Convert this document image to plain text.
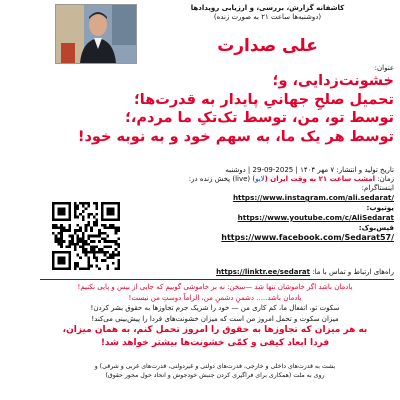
کاشفانه گزارش، بررسی، و ارزیابی رویدادها
(دوشنبه‌ها ساعت ۲۱ به صورت زنده)
علی صدارت
عنوان:
خشونت‌زدایی، و؛
تحمیل صلحِ جهانیِ پایدار به قدرت‌ها؛
توسط تو، من، توسط تک‌تکِ ما مردم،؛
توسط هر یک ما، به سهم خود و به نوبه خود!
تاریخ تولید و انتشار: ۷ مهر ۱۴۰۴ | 2025-09-29 | دوشنبه
زمان: امشب ساعت ۲۱ به وقت ایران (لایو) (live) پخش زنده در:
اینستاگرام:
https://www.instagram.com/ali.sedarat/
یوتیوب:
https://www.youtube.com/c/AliSedarat
فیس‌بوک:
https://www.facebook.com/Sedarat57/
راه‌های ارتباط و تماس با ما: https://linktr.ee/sedarat
یادمان باشد اگر خاموشان تنها شد —سخن: نه بر خاموشی گوییم که جایی از بیس و پایی نکنیم!
یادمان باشد..... دشمنِ دشمنِ من، الزاماً دوستِ من نیست!
سکوت تو، اتفعال ما، کم کاری من — خود را شریک جرم تجاوزها به حقوق بشر کردن!
میزان سکوت و تحمل امروز من است که میزان خشونت‌های فردا را پیش‌بینی می‌کند!
به هر میزان که تجاوزها به حقوق را امروز تحمل کنم، به همان میزان،
فردا ابعاد کیفی و کمّی خشونت‌ها بیشتر خواهد شد!
بشت به قدرت‌های داخلی و خارجی، قدرت‌های دولتی و غیردولتی، قدرت‌های غربی و شرقی) و
روی به ملت (همکاری برای فراگیری کردن جنبش خودجوش و انحاد حول محور حقوق)
